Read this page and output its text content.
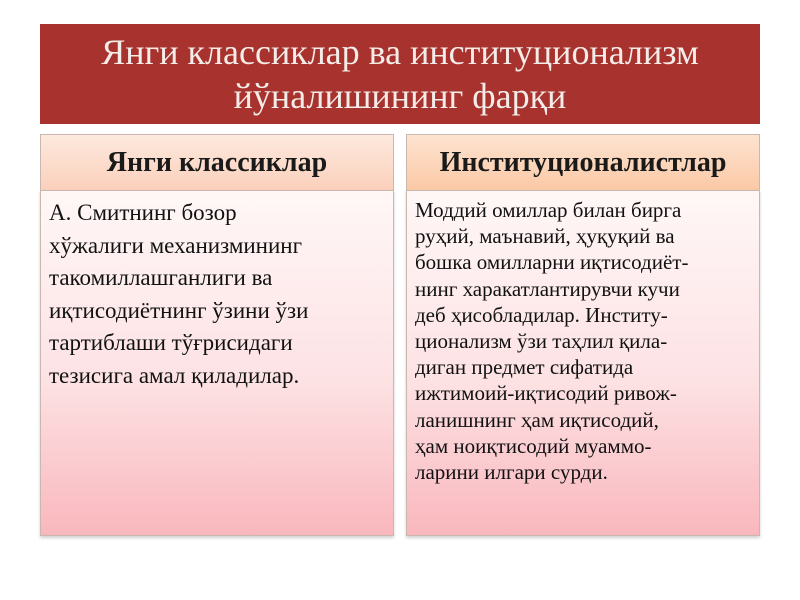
Янги классиклар ва институционализм
йўналишининг фарқи
Янги классиклар
А. Смитнинг бозор
хўжалиги механизмининг
такомиллашганлиги ва
иқтисодиётнинг ўзини ўзи
тартиблаши тўғрисидаги
тезисига амал қиладилар.
Институционалистлар
Моддий омиллар билан бирга
руҳий, маънавий, ҳуқуқий ва
бошка омилларни иқтисодиёт-
нинг харакатлантирувчи кучи
деб ҳисобладилар. Институ-
ционализм ўзи таҳлил қила-
диган предмет сифатида
ижтимоий-иқтисодий ривож-
ланишнинг ҳам иқтисодий,
ҳам ноиқтисодий муаммо-
ларини илгари сурди.
